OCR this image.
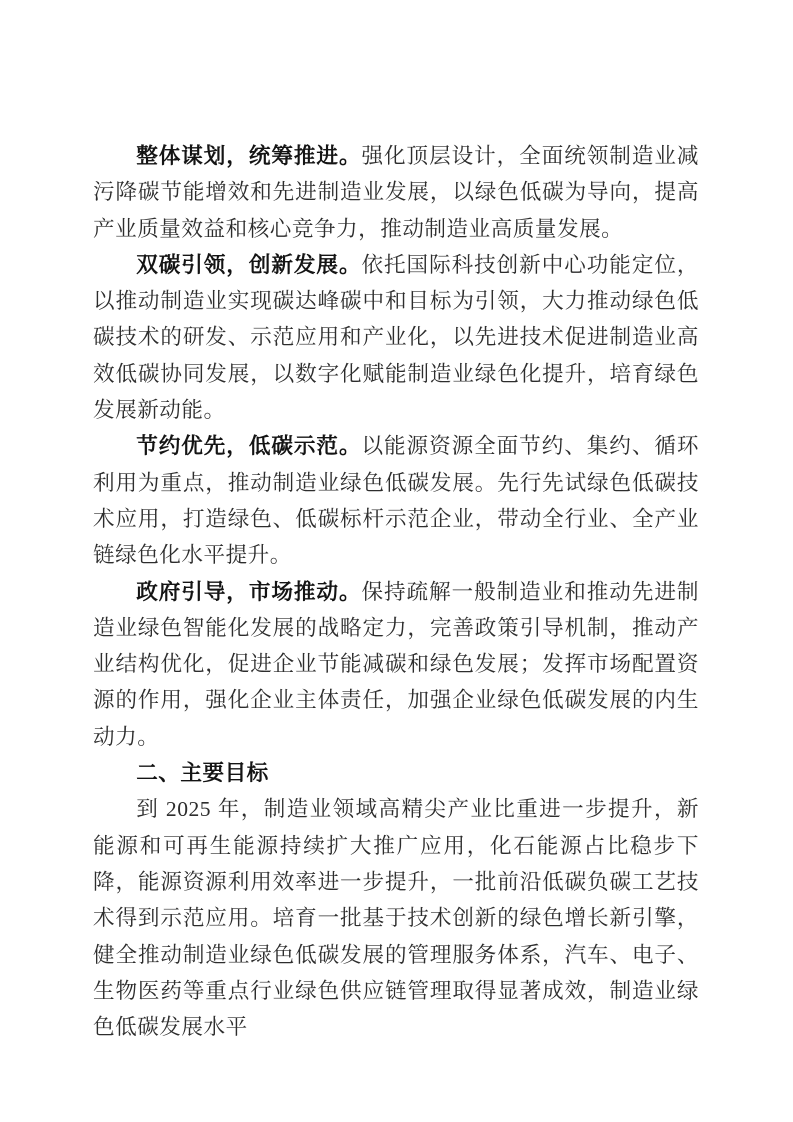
整体谋划，统筹推进。强化顶层设计，全面统领制造业减污降碳节能增效和先进制造业发展，以绿色低碳为导向，提高产业质量效益和核心竞争力，推动制造业高质量发展。

双碳引领，创新发展。依托国际科技创新中心功能定位，以推动制造业实现碳达峰碳中和目标为引领，大力推动绿色低碳技术的研发、示范应用和产业化，以先进技术促进制造业高效低碳协同发展，以数字化赋能制造业绿色化提升，培育绿色发展新动能。

节约优先，低碳示范。以能源资源全面节约、集约、循环利用为重点，推动制造业绿色低碳发展。先行先试绿色低碳技术应用，打造绿色、低碳标杆示范企业，带动全行业、全产业链绿色化水平提升。

政府引导，市场推动。保持疏解一般制造业和推动先进制造业绿色智能化发展的战略定力，完善政策引导机制，推动产业结构优化，促进企业节能减碳和绿色发展；发挥市场配置资源的作用，强化企业主体责任，加强企业绿色低碳发展的内生动力。

二、主要目标

到 2025 年，制造业领域高精尖产业比重进一步提升，新能源和可再生能源持续扩大推广应用，化石能源占比稳步下降，能源资源利用效率进一步提升，一批前沿低碳负碳工艺技术得到示范应用。培育一批基于技术创新的绿色增长新引擎，健全推动制造业绿色低碳发展的管理服务体系，汽车、电子、生物医药等重点行业绿色供应链管理取得显著成效，制造业绿色低碳发展水平
